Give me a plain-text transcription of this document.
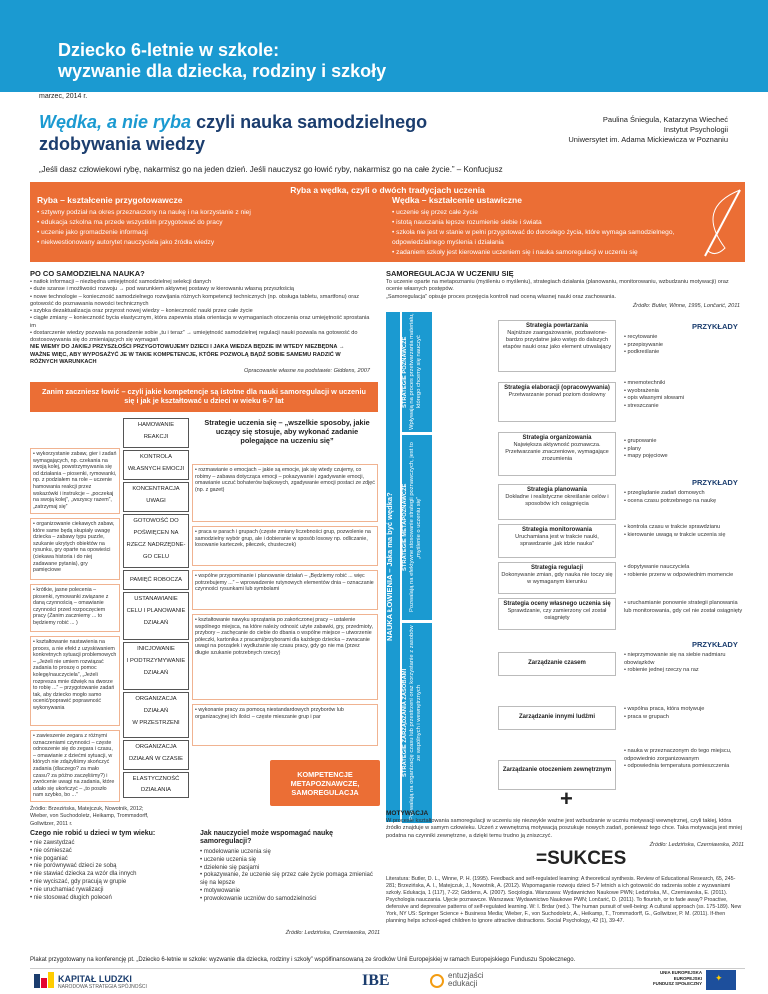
Dziecko 6-letnie w szkole:
wyzwanie dla dziecka, rodziny i szkoły
marzec, 2014 r.
Wędka, a nie ryba czyli nauka samodzielnego
zdobywania wiedzy
Paulina Śniegula, Katarzyna Wiecheć
Instytut Psychologii
Uniwersytet im. Adama Mickiewicza w Poznaniu
„Jeśli dasz człowiekowi rybę, nakarmisz go na jeden dzień. Jeśli nauczysz go łowić ryby, nakarmisz go na całe życie.” – Konfucjusz
Ryba a wędka, czyli o dwóch tradycjach uczenia
Ryba – kształcenie przygotowawcze	Wędka – kształcenie ustawiczne
• sztywny podział na okres przeznaczony na naukę i na korzystanie z niej
• edukacja szkolna ma przede wszystkim przygotować do pracy
• uczenie jako gromadzenie informacji
• niekwestionowany autorytet nauczyciela jako źródła wiedzy
• uczenie się przez całe życie
• istotą nauczania lepsze rozumienie siebie i świata
• szkoła nie jest w stanie w pełni przygotować do dorosłego życia, które wymaga samodzielnego, odpowiedzialnego myślenia i działania
• zadaniem szkoły jest kierowanie uczeniem się i nauka samoregulacji w uczeniu się
PO CO SAMODZIELNA NAUKA?
• natłok informacji – niezbędna umiejętność samodzielnej selekcji danych
• duże szanse i możliwości rozwoju → pod warunkiem aktywnej postawy w kierowaniu własną przyszłością
• nowe technologie – konieczność samodzielnego rozwijania różnych kompetencji technicznych (np. obsługa tabletu, smartfonu) oraz gotowość do poznawania nowości technicznych
• szybka dezaktualizacja oraz przyrost nowej wiedzy – konieczność nauki przez całe życie
• ciągłe zmiany – konieczność bycia elastycznym, która zapewnia stała orientacja w wymaganiach otoczenia oraz umiejętność sprostania im
• dostarczenie wiedzy pozwala na poradzenie sobie „tu i teraz” → umiejętność samodzielnej regulacji nauki pozwala na gotowość do dostosowywania się do zmieniających się wymagań
NIE WIEMY DO JAKIEJ PRZYSZŁOŚCI PRZYGOTOWUJEMY DZIECI I JAKA WIEDZA BĘDZIE IM WTEDY NIEZBĘDNA → WAŻNE WIĘC, ABY WYPOSAŻYĆ JE W TAKIE KOMPETENCJE, KTÓRE POZWOLĄ BĄDŹ SOBIE SAMEMU RADZIĆ W RÓŻNYCH WARUNKACH
Opracowanie własne na podstawie: Giddens, 2007
Zanim zaczniesz łowić – czyli jakie kompetencje są istotne dla nauki samoregulacji w uczeniu się i jak je kształtować u dzieci w wieku 6-7 lat
HAMOWANIE
REAKCJI
KONTROLA
WŁASNYCH EMOCJI
KONCENTRACJA
UWAGI
GOTOWOŚĆ DO
POŚWIĘCEN NA
RZECZ NADRZĘDNE-
GO CELU
PAMIĘĆ ROBOCZA
USTANAWIANIE
CELU I PLANOWANIE
DZIAŁAŃ
INICJOWANIE
I PODTRZYMYWANIE
DZIAŁAŃ
ORGANIZACJA
DZIAŁAŃ
W PRZESTRZENI
ORGANIZACJA
DZIAŁAŃ W CZASIE
ELASTYCZNOŚĆ
DZIAŁANIA
• wykorzystanie zabaw, gier i zadań wymagających, np. czekania na swoją kolej, powstrzymywania się od działania – piosenki, rymowanki, np. z podziałem na role – uczenie hamowania reakcji przez wskazówki i instrukcje – „poczekaj na swoją kolej”, „wszyscy razem”, „zatrzymaj się”
• organizowanie ciekawych zabaw, które same będą skupiały uwagę dziecka – zabawy typu puzzle, szukanie ukrytych obiektów na rysunku, gry oparte na opowieści (ciekawa historia i do niej zadawane pytania), gry pamięciowe
• krótkie, jasne polecenia – piosenki, rymowanki związane z daną czynnością – omawianie czynności przed rozpoczęciem pracy (Zanim zaczniemy ... to będziemy robić ... )
• kształtowanie nastawienia na proces, a nie efekt z uzyskiwaniem konkretnych sytuacji problemowych – „Jeżeli nie umiem rozwiązać zadania to proszę o pomoc kolegę/nauczyciela”, „Jeżeli rozpresza mnie dźwięk na dworze to robię ...” – przygotowanie zadań tak, aby dziecko mogło samo ocenić/poprawić poprawność wykonywania
• zawieszenie zegara z różnymi oznaczeniami czynności – częste odnoszenie się do zegara i czasu, – omawianie z dziećmi sytuacji, w których nie zdążyliśmy skończyć zadania (dlaczego? za mało czasu? za późno zaczęliśmy?) i zwrócenie uwagi na zadania, które udało się ukończyć – „to poszło nam szybko, bo ...”
Strategie uczenia się – „wszelkie sposoby, jakie uczący się stosuje, aby wykonać zadanie polegające na uczeniu się”
• rozmawianie o emocjach – jakie są emocje, jak się wtedy czujemy, co robimy – zabawa dotycząca emocji – pokazywanie i zgadywanie emocji, omawianie uczuć bohaterów bajkowych, zgadywanie emocji postaci ze zdjęć (np. z gazet)
• praca w parach i grupach (częste zmiany liczebności grup, pozwolenie na samodzielny wybór grup, ale i dobieranie w sposób losowy np. odliczanie, losowanie karteczek, piłeczek, chusteczek)
• wspólne przypominanie i planowanie działań – „Będziemy robić ... więc potrzebujemy ...” – wprowadzenie rutynowych elementów dnia – oznaczanie czynności rysunkami lub symbolami
• kształtowanie nawyku sprzątania po zakończonej pracy – ustalenie wspólnego miejsca, na które należy odnosić użyte zabawki, gry, przedmioty, przybory – zachęcanie do ciebie do dbania o wspólne miejsce – utworzenie półeczki, kartonika z pracami/przyborami dla każdego dziecka – zwracanie uwagi na porządek i wydłużanie się czasu pracy, gdy go nie ma (przez długie szukanie potrzebnych rzeczy)
• wykonanie pracy za pomocą niestandardowych przyborów lub organizacyjnej ich ilości – częste mieszanie grup i par
Źródło: Brzezińska, Matejczuk, Nowotnik, 2012; Wieber, von Suchodoletz, Heikamp, Trommsdorff, Gollwitzer, 2011 r.
KOMPETENCJE METAPOZNAWCZE, SAMOREGULACJA
SAMOREGULACJA W UCZENIU SIĘ
To uczenie oparte na metapoznaniu (myśleniu o myśleniu), strategiach działania (planowaniu, monitorowaniu, wzbudzaniu motywacji) oraz ocenie własnych postępów.
„Samoregulacja” opisuje proces przejęcia kontroli nad oceną własnej nauki oraz zachowania.
Źródło: Butler, Winne, 1995, Lončarić, 2011
NAUKA ŁOWIENIA – Jaka ma być wędka?
STRATEGIE POZNAWCZE
Wpływają na proces przetwarzania materiału, którego chcemy się nauczyć
STRATEGIE METAPOZNAWCZE
Pozwalają na efektywne stosowanie strategii poznawczych, jest to „myślenie o uczeniu się”
STRATEGIE ZARZĄDZANIA ZASOBAMI
Pozwalają na organizację czasu lub przestrzeni oraz korzystanie z zasobów ze wspólnych i wewnętrznych
Strategia powtarzania
Najniższe zaangażowanie, pozbawione-bardzo przydatne jako wstęp do dalszych etapów nauki oraz jako element utrwalający
Strategia elaboracji (opracowywania)
Przetwarzanie ponad poziom dosłowny
Strategia organizowania
Największa aktywność poznawcza. Przetwarzanie znaczeniowe, wymagające zrozumienia
Strategia planowania
Dokładne i realistyczne określanie celów i sposobów ich osiągnięcia
Strategia monitorowania
Uruchamiana jest w trakcie nauki, sprawdzanie „jak idzie nauka”
Strategia regulacji
Dokonywanie zmian, gdy nauka nie toczy się w wymaganym kierunku
Strategia oceny własnego uczenia się
Sprawdzanie, czy zamierzony cel został osiągnięty
Zarządzanie czasem
Zarządzanie innymi ludźmi
Zarządzanie otoczeniem zewnętrznym
PRZYKŁADY
PRZYKŁADY
PRZYKŁADY
• recytowanie
• przepisywanie
• podkreślanie
• mnemotechniki
• wyobrażenia
• opis własnymi słowami
• streszczanie
• grupowanie
• plany
• mapy pojęciowe
• przeglądanie zadań domowych
• ocena czasu potrzebnego na naukę
• kontrola czasu w trakcie sprawdzianu
• kierowanie uwagą w trakcie uczenia się
• dopytywanie nauczyciela
• robienie przerw w odpowiednim momencie
• uruchamianie ponownie strategii planowania lub monitorowania, gdy cel nie został osiągnięty
• nieprzymowanie się na siebie nadmiaru obowiązków
• robienie jednej rzeczy na raz
• wspólna praca, która motywuje
• praca w grupach
• nauka w przeznaczonym do tego miejscu, odpowiednio zorganizowanym
• odpowiednia temperatura pomieszczenia
+
MOTYWACJA
W procesie kształtowania samoregulacji w uczeniu się niezwykle ważne jest wzbudzanie w uczniu motywacji wewnętrznej, czyli takiej, która źródło znajduje w samym człowieku. Uczeń z wewnętrzną motywacją poszukuje nowych zadań, poniewaź tego chce. Taka motywacja jest mniej podatna na czynniki zewnętrzne, a dzięki temu trudno ją zniszczyć.
Źródło: Ledzińska, Czerniawska, 2011
=SUKCES
Czego nie robić u dzieci w tym wieku:
• nie zawstydzać
• nie ośmieszać
• nie poganiać
• nie porównywać dzieci ze sobą
• nie stawiać dziecka za wzór dla innych
• nie wyciszać, gdy pracują w grupie
• nie uruchamiać rywalizacji
• nie stosować długich poleceń
Jak nauczyciel może wspomagać naukę samoregulacji?
• modelowanie uczenia się
• uczenie uczenia się
• dzielenie się pasjami
• pokazywanie, że uczenie się przez całe życie pomaga zmieniać się na lepsze
• motywowanie
• prowokowanie uczniów do samodzielności
Źródło: Ledzińska, Czerniawska, 2011
Literatura: Butler, D. L., Winne, P. H. (1995). Feedback and self-regulated learning: A theoretical synthesis. Review of Educational Research, 65, 245-281; Brzezińska, A. I., Matejczuk, J., Nowotnik, A. (2012). Wspomaganie rozwoju dzieci 5-7 letnich a ich gotowość do radzenia sobie z wyzwaniami szkoły. Edukacja, 1 (117), 7-22; Giddens, A. (2007). Socjologia. Warszawa: Wydawnictwo Naukowe PWN; Ledzińska, M., Czerniawska, E. (2011). Psychologia nauczania. Ujęcie poznawcze. Warszawa: Wydawnictwo Naukowe PWN; Lončarić, D. (2011). To flourish, or to fade away? Proactive, defensive and depressive patterns of self-regulated learning. W: I. Brdar (red.). The human pursuit of well-being: A cultural approach (ss. 175-189). New York, NY US: Springer Science + Business Media; Wieber, F., von Suchodoletz, A., Heikamp, T., Trommsdorff, G., Gollwitzer, P. M. (2011). If-then planning helps school-aged children to ignore attractive distractions. Social Psychology, 42 (1), 39-47.
Plakat przygotowany na konferencję pt. „Dziecko 6-letnie w szkole: wyzwanie dla dziecka, rodziny i szkoły” współfinansowaną ze środków Unii Europejskiej w ramach Europejskiego Funduszu Społecznego.
KAPITAŁ LUDZKI
NARODOWA STRATEGIA SPÓJNOŚCI	IBE	entuzjaści
edukacji
UNIA EUROPEJSKA
EUROPEJSKI
FUNDUSZ SPOŁECZNY
✦
